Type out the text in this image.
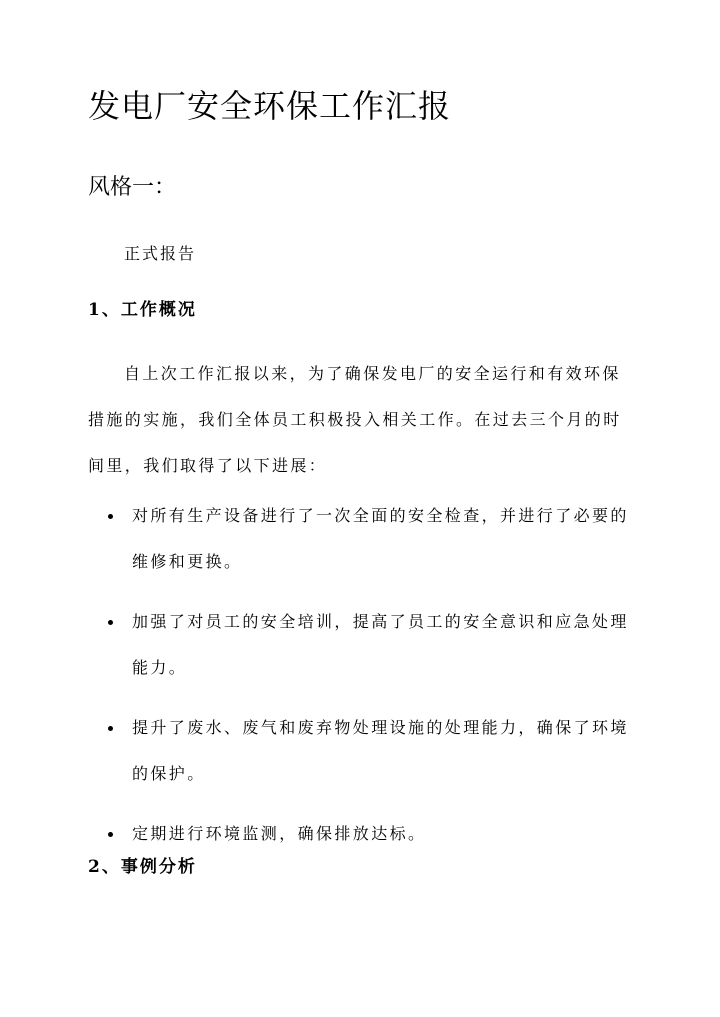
发电厂安全环保工作汇报
风格一：

正式报告

1、工作概况

自上次工作汇报以来，为了确保发电厂的安全运行和有效环保措施的实施，我们全体员工积极投入相关工作。在过去三个月的时间里，我们取得了以下进展：

对所有生产设备进行了一次全面的安全检查，并进行了必要的维修和更换。
加强了对员工的安全培训，提高了员工的安全意识和应急处理能力。
提升了废水、废气和废弃物处理设施的处理能力，确保了环境的保护。
定期进行环境监测，确保排放达标。
2、事例分析
